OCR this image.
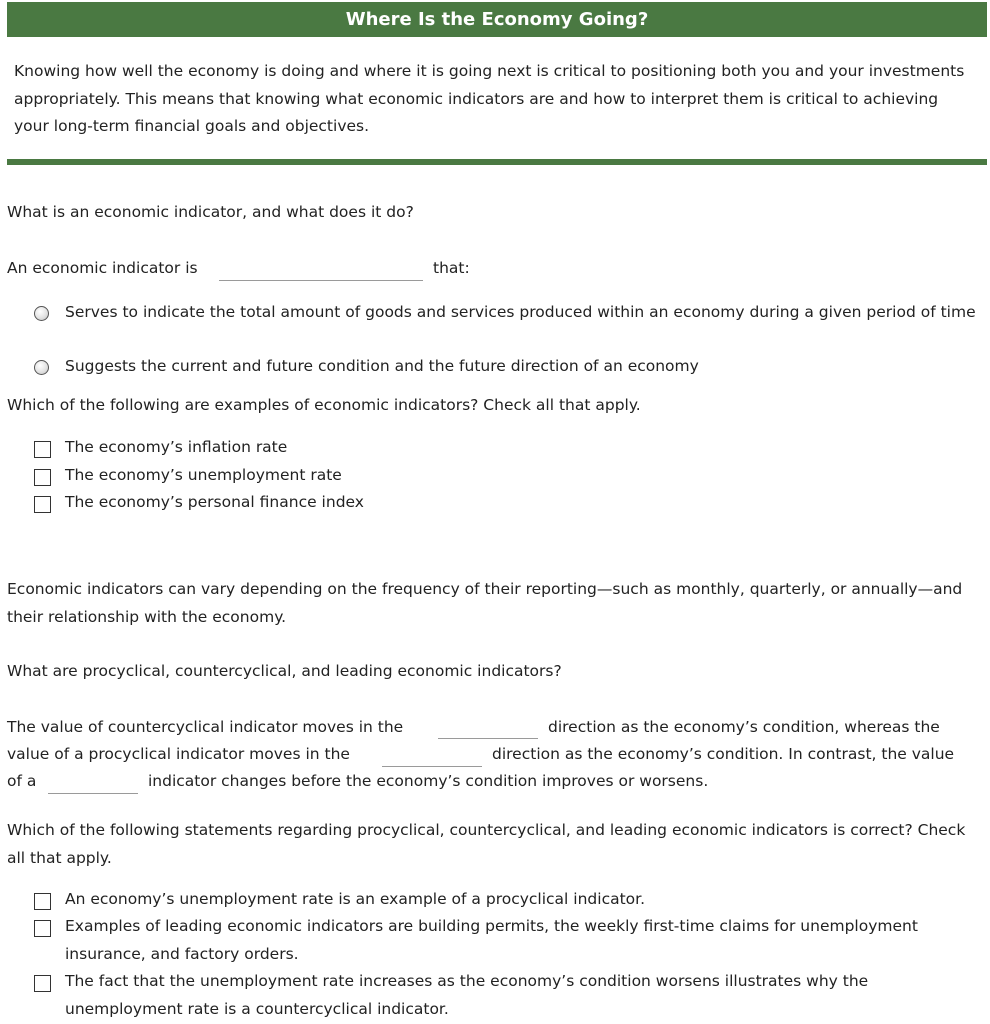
Where Is the Economy Going?

Knowing how well the economy is doing and where it is going next is critical to positioning both you and your investments appropriately. This means that knowing what economic indicators are and how to interpret them is critical to achieving your long-term financial goals and objectives.

What is an economic indicator, and what does it do?

An economic indicator is	that:

Serves to indicate the total amount of goods and services produced within an economy during a given period of time
Suggests the current and future condition and the future direction of an economy

Which of the following are examples of economic indicators? Check all that apply.

The economy’s inflation rate
The economy’s unemployment rate
The economy’s personal finance index

Economic indicators can vary depending on the frequency of their reporting—such as monthly, quarterly, or annually—and their relationship with the economy.

What are procyclical, countercyclical, and leading economic indicators?

The value of countercyclical indicator moves in the	direction as the economy’s condition, whereas the

value of a procyclical indicator moves in the	direction as the economy’s condition. In contrast, the value

of a	indicator changes before the economy’s condition improves or worsens.

Which of the following statements regarding procyclical, countercyclical, and leading economic indicators is correct? Check all that apply.

An economy’s unemployment rate is an example of a procyclical indicator.
Examples of leading economic indicators are building permits, the weekly first-time claims for unemployment insurance, and factory orders.
The fact that the unemployment rate increases as the economy’s condition worsens illustrates why the unemployment rate is a countercyclical indicator.
